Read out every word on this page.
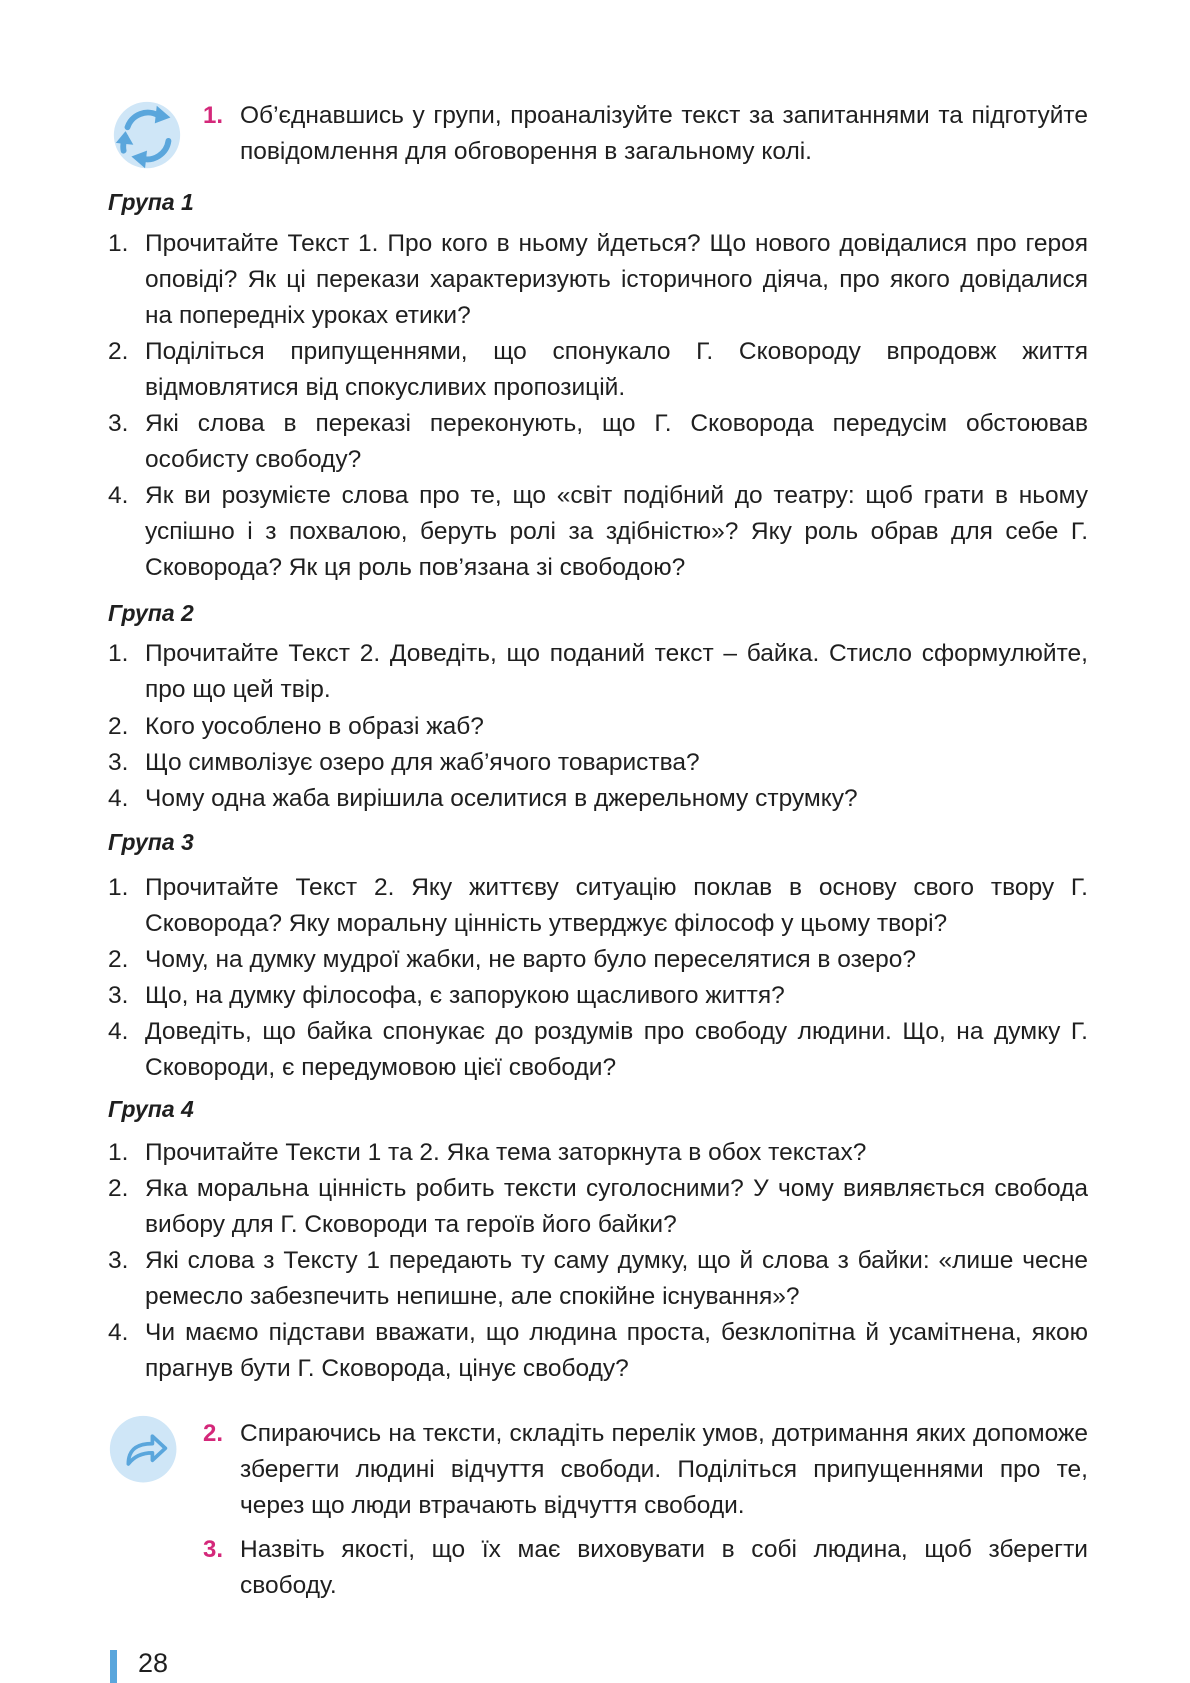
1. Об’єднавшись у групи, проаналізуйте текст за запитаннями та підготуйте повідомлення для обговорення в загальному колі.
Група 1
1. Прочитайте Текст 1. Про кого в ньому йдеться? Що нового довідалися про героя оповіді? Як ці перекази характеризують історичного діяча, про якого довідалися на попередніх уроках етики?
2. Поділіться припущеннями, що спонукало Г. Сковороду впродовж життя відмовлятися від спокусливих пропозицій.
3. Які слова в переказі переконують, що Г. Сковорода передусім обстоював особисту свободу?
4. Як ви розумієте слова про те, що «світ подібний до театру: щоб грати в ньому успішно і з похвалою, беруть ролі за здібністю»? Яку роль обрав для себе Г. Сковорода? Як ця роль пов’язана зі свободою?
Група 2
1. Прочитайте Текст 2. Доведіть, що поданий текст – байка. Стисло сформулюйте, про що цей твір.
2. Кого уособлено в образі жаб?
3. Що символізує озеро для жаб’ячого товариства?
4. Чому одна жаба вирішила оселитися в джерельному струмку?
Група 3
1. Прочитайте Текст 2. Яку життєву ситуацію поклав в основу свого твору Г. Сковорода? Яку моральну цінність утверджує філософ у цьому творі?
2. Чому, на думку мудрої жабки, не варто було переселятися в озеро?
3. Що, на думку філософа, є запорукою щасливого життя?
4. Доведіть, що байка спонукає до роздумів про свободу людини. Що, на думку Г. Сковороди, є передумовою цієї свободи?
Група 4
1. Прочитайте Тексти 1 та 2. Яка тема заторкнута в обох текстах?
2. Яка моральна цінність робить тексти суголосними? У чому виявляється свобода вибору для Г. Сковороди та героїв його байки?
3. Які слова з Тексту 1 передають ту саму думку, що й слова з байки: «лише чесне ремесло забезпечить непишне, але спокійне існування»?
4. Чи маємо підстави вважати, що людина проста, безклопітна й усамітнена, якою прагнув бути Г. Сковорода, цінує свободу?
2. Спираючись на тексти, складіть перелік умов, дотримання яких допоможе зберегти людині відчуття свободи. Поділіться припущеннями про те, через що люди втрачають відчуття свободи.
3. Назвіть якості, що їх має виховувати в собі людина, щоб зберегти свободу.
28
